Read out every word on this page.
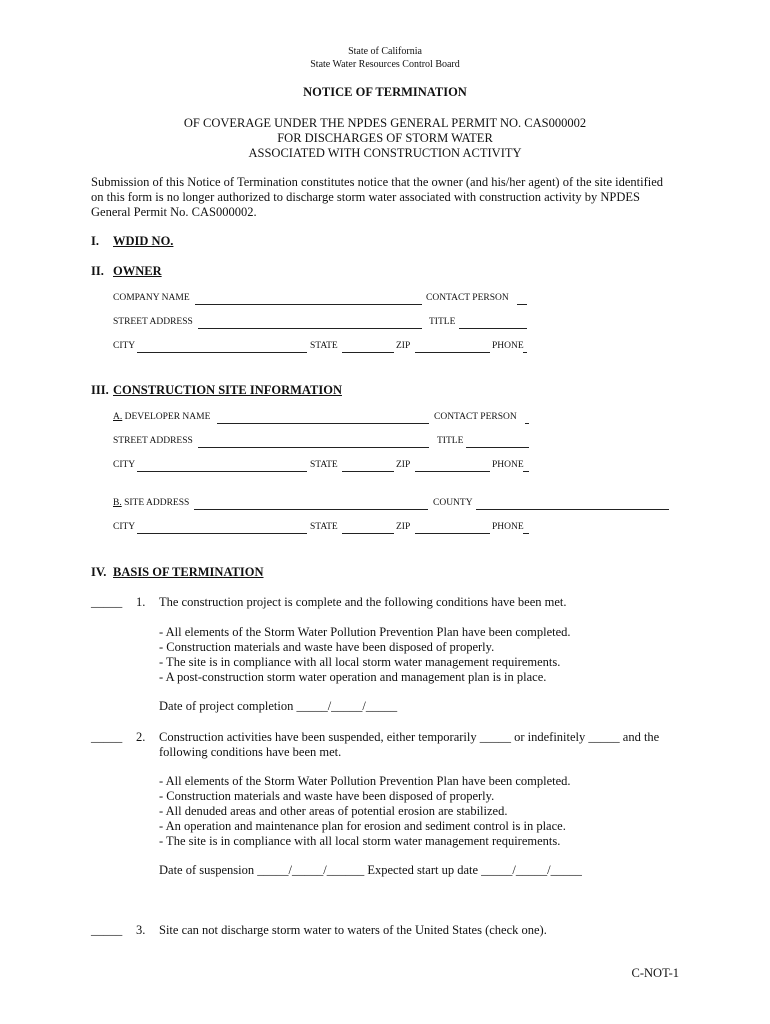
State of California
State Water Resources Control Board
NOTICE OF TERMINATION
OF COVERAGE UNDER THE NPDES GENERAL PERMIT NO. CAS000002
FOR DISCHARGES OF STORM WATER
ASSOCIATED WITH CONSTRUCTION ACTIVITY
Submission of this Notice of Termination constitutes notice that the owner (and his/her agent) of the site identified
on this form is no longer authorized to discharge storm water associated with construction activity by NPDES
General Permit No. CAS000002.
I. WDID NO.
II. OWNER
COMPANY NAME	CONTACT PERSON
STREET ADDRESS	TITLE
CITY	STATE	ZIP	PHONE
III. CONSTRUCTION SITE INFORMATION
A. DEVELOPER NAME	CONTACT PERSON
STREET ADDRESS	TITLE
CITY	STATE	ZIP	PHONE
B. SITE ADDRESS	COUNTY
CITY	STATE	ZIP	PHONE
IV. BASIS OF TERMINATION
_____ 1. The construction project is complete and the following conditions have been met.
- All elements of the Storm Water Pollution Prevention Plan have been completed.
- Construction materials and waste have been disposed of properly.
- The site is in compliance with all local storm water management requirements.
- A post-construction storm water operation and management plan is in place.
Date of project completion _____/_____/_____
_____ 2. Construction activities have been suspended, either temporarily _____ or indefinitely _____ and the
following conditions have been met.
- All elements of the Storm Water Pollution Prevention Plan have been completed.
- Construction materials and waste have been disposed of properly.
- All denuded areas and other areas of potential erosion are stabilized.
- An operation and maintenance plan for erosion and sediment control is in place.
- The site is in compliance with all local storm water management requirements.
Date of suspension _____/_____/______ Expected start up date _____/_____/_____
_____ 3. Site can not discharge storm water to waters of the United States (check one).
C-NOT-1
